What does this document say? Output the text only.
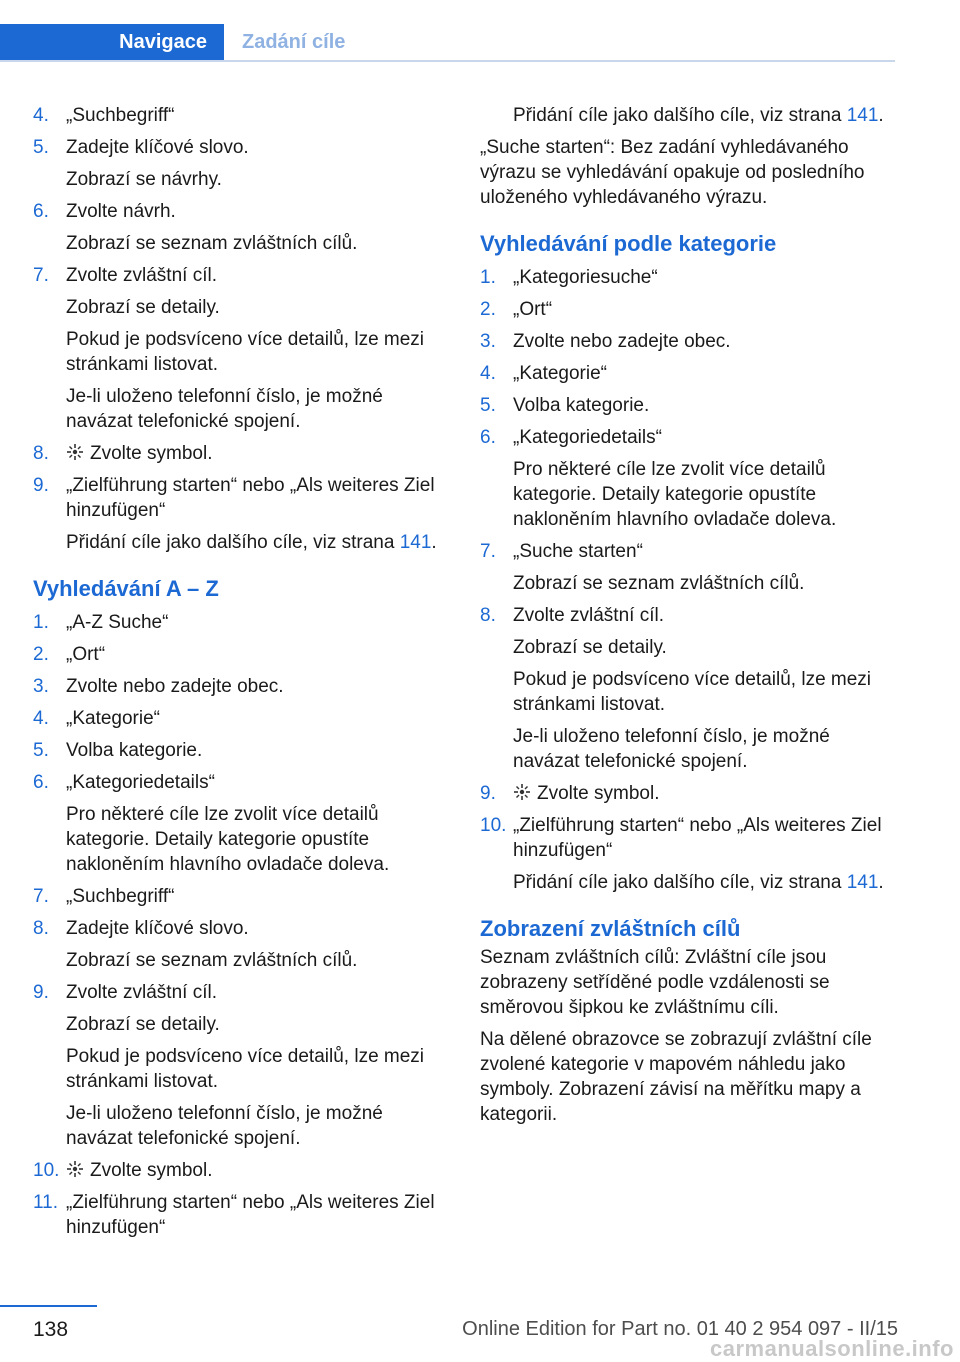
Navigace Zadání cíle
4. „Suchbegriff“
5. Zadejte klíčové slovo.
Zobrazí se návrhy.
6. Zvolte návrh.
Zobrazí se seznam zvláštních cílů.
7. Zvolte zvláštní cíl.
Zobrazí se detaily.
Pokud je podsvíceno více detailů, lze mezi stránkami listovat.
Je-li uloženo telefonní číslo, je možné navázat telefonické spojení.
8.	Zvolte symbol.
9. „Zielführung starten“ nebo „Als weiteres Ziel hinzufügen“
Přidání cíle jako dalšího cíle, viz strana 141.
Vyhledávání A – Z
1. „A-Z Suche“
2. „Ort“
3. Zvolte nebo zadejte obec.
4. „Kategorie“
5. Volba kategorie.
6. „Kategoriedetails“
Pro některé cíle lze zvolit více detailů kategorie. Detaily kategorie opustíte nakloněním hlavního ovladače doleva.
7. „Suchbegriff“
8. Zadejte klíčové slovo.
Zobrazí se seznam zvláštních cílů.
9. Zvolte zvláštní cíl.
Zobrazí se detaily.
Pokud je podsvíceno více detailů, lze mezi stránkami listovat.
Je-li uloženo telefonní číslo, je možné navázat telefonické spojení.
10.	Zvolte symbol.
11. „Zielführung starten“ nebo „Als weiteres Ziel hinzufügen“
Přidání cíle jako dalšího cíle, viz strana 141.
„Suche starten“: Bez zadání vyhledávaného výrazu se vyhledávání opakuje od posledního uloženého vyhledávaného výrazu.
Vyhledávání podle kategorie
1. „Kategoriesuche“
2. „Ort“
3. Zvolte nebo zadejte obec.
4. „Kategorie“
5. Volba kategorie.
6. „Kategoriedetails“
Pro některé cíle lze zvolit více detailů kategorie. Detaily kategorie opustíte nakloněním hlavního ovladače doleva.
7. „Suche starten“
Zobrazí se seznam zvláštních cílů.
8. Zvolte zvláštní cíl.
Zobrazí se detaily.
Pokud je podsvíceno více detailů, lze mezi stránkami listovat.
Je-li uloženo telefonní číslo, je možné navázat telefonické spojení.
9.	Zvolte symbol.
10. „Zielführung starten“ nebo „Als weiteres Ziel hinzufügen“
Přidání cíle jako dalšího cíle, viz strana 141.
Zobrazení zvláštních cílů
Seznam zvláštních cílů: Zvláštní cíle jsou zobrazeny setříděné podle vzdálenosti se směrovou šipkou ke zvláštnímu cíli.
Na dělené obrazovce se zobrazují zvláštní cíle zvolené kategorie v mapovém náhledu jako symboly. Zobrazení závisí na měřítku mapy a kategorii.
138	Online Edition for Part no. 01 40 2 954 097 - II/15
carmanualsonline.info
